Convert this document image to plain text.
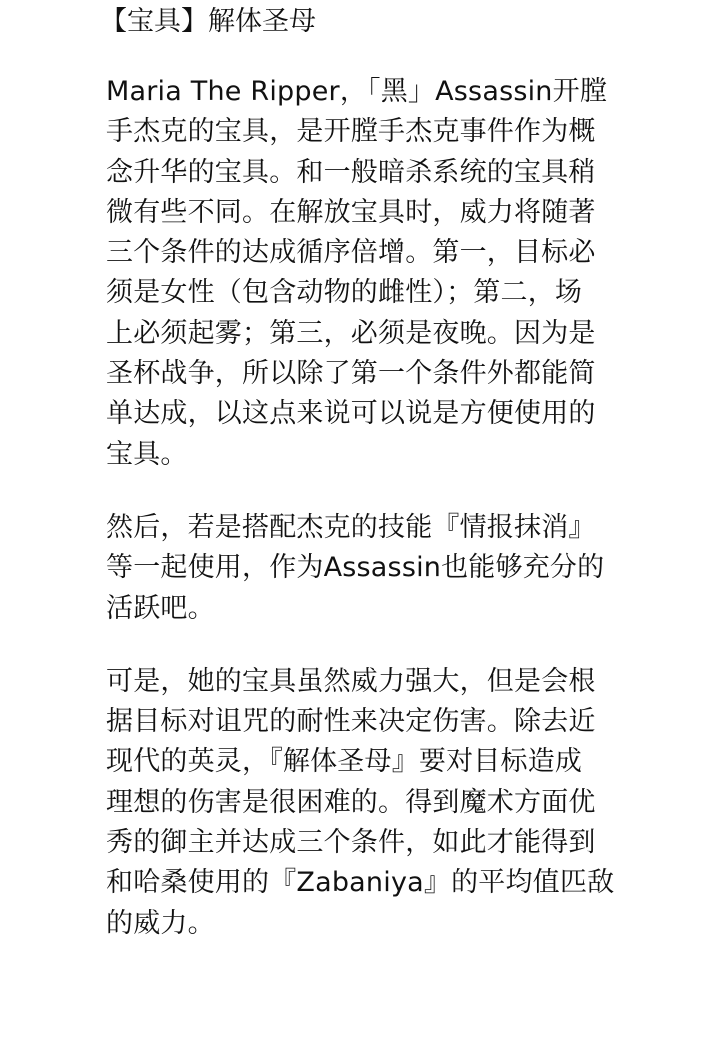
【宝具】解体圣母

Maria The Ripper，「黑」Assassin开膛
手杰克的宝具，是开膛手杰克事件作为概
念升华的宝具。和一般暗杀系统的宝具稍
微有些不同。在解放宝具时，威力将随著
三个条件的达成循序倍增。第一，目标必
须是女性（包含动物的雌性）；第二，场
上必须起雾；第三，必须是夜晚。因为是
圣杯战争，所以除了第一个条件外都能简
单达成，以这点来说可以说是方便使用的
宝具。

然后，若是搭配杰克的技能『情报抹消』
等一起使用，作为Assassin也能够充分的
活跃吧。

可是，她的宝具虽然威力强大，但是会根
据目标对诅咒的耐性来决定伤害。除去近
现代的英灵，『解体圣母』要对目标造成
理想的伤害是很困难的。得到魔术方面优
秀的御主并达成三个条件，如此才能得到
和哈桑使用的『Zabaniya』的平均值匹敌
的威力。
